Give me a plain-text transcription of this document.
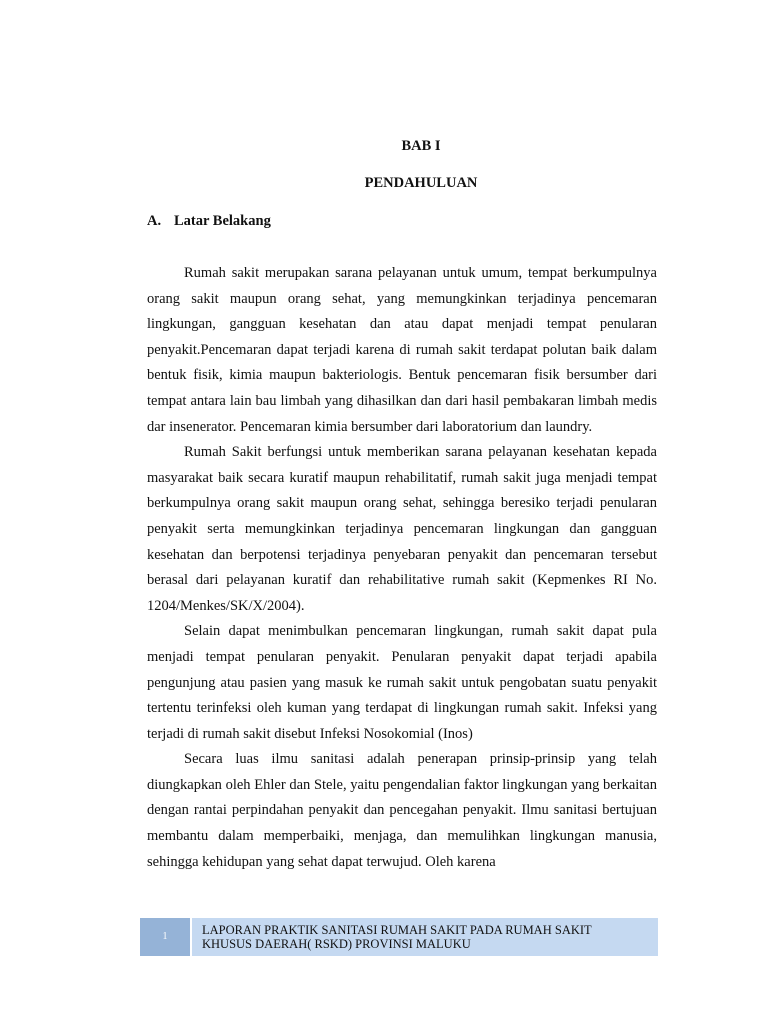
BAB I
PENDAHULUAN
A. Latar Belakang

Rumah sakit merupakan sarana pelayanan untuk umum, tempat berkumpulnya orang sakit maupun orang sehat, yang memungkinkan terjadinya pencemaran lingkungan, gangguan kesehatan dan atau dapat menjadi tempat penularan penyakit.Pencemaran dapat terjadi karena di rumah sakit terdapat polutan baik dalam bentuk fisik, kimia maupun bakteriologis. Bentuk pencemaran fisik bersumber dari tempat antara lain bau limbah yang dihasilkan dan dari hasil pembakaran limbah medis dar insenerator. Pencemaran kimia bersumber dari laboratorium dan laundry.

Rumah Sakit berfungsi untuk memberikan sarana pelayanan kesehatan kepada masyarakat baik secara kuratif maupun rehabilitatif, rumah sakit juga menjadi tempat berkumpulnya orang sakit maupun orang sehat, sehingga beresiko terjadi penularan penyakit serta memungkinkan terjadinya pencemaran lingkungan dan gangguan kesehatan dan berpotensi terjadinya penyebaran penyakit dan pencemaran tersebut berasal dari pelayanan kuratif dan rehabilitative rumah sakit (Kepmenkes RI No. 1204/Menkes/SK/X/2004).

Selain dapat menimbulkan pencemaran lingkungan, rumah sakit dapat pula menjadi tempat penularan penyakit. Penularan penyakit dapat terjadi apabila pengunjung atau pasien yang masuk ke rumah sakit untuk pengobatan suatu penyakit tertentu terinfeksi oleh kuman yang terdapat di lingkungan rumah sakit. Infeksi yang terjadi di rumah sakit disebut Infeksi Nosokomial (Inos)

Secara luas ilmu sanitasi adalah penerapan prinsip-prinsip yang telah diungkapkan oleh Ehler dan Stele, yaitu pengendalian faktor lingkungan yang berkaitan dengan rantai perpindahan penyakit dan pencegahan penyakit. Ilmu sanitasi bertujuan membantu dalam memperbaiki, menjaga, dan memulihkan lingkungan manusia, sehingga kehidupan yang sehat dapat terwujud. Oleh karena

1	LAPORAN PRAKTIK SANITASI RUMAH SAKIT PADA RUMAH SAKIT
KHUSUS DAERAH( RSKD) PROVINSI MALUKU
